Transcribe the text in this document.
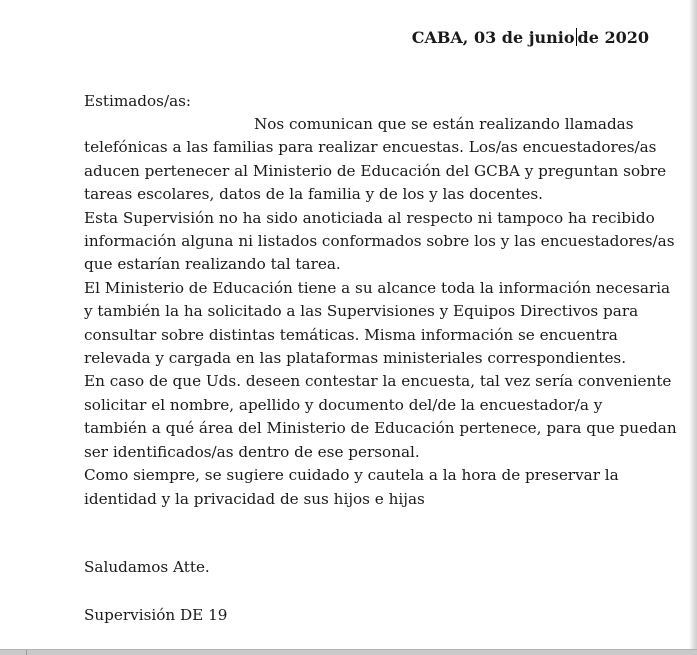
CABA, 03 de junio de 2020
Estimados/as:
Nos comunican que se están realizando llamadas
telefónicas a las familias para realizar encuestas. Los/as encuestadores/as
aducen pertenecer al Ministerio de Educación del GCBA y preguntan sobre
tareas escolares, datos de la familia y de los y las docentes.
Esta Supervisión no ha sido anoticiada al respecto ni tampoco ha recibido
información alguna ni listados conformados sobre los y las encuestadores/as
que estarían realizando tal tarea.
El Ministerio de Educación tiene a su alcance toda la información necesaria
y también la ha solicitado a las Supervisiones y Equipos Directivos para
consultar sobre distintas temáticas. Misma información se encuentra
relevada y cargada en las plataformas ministeriales correspondientes.
En caso de que Uds. deseen contestar la encuesta, tal vez sería conveniente
solicitar el nombre, apellido y documento del/de la encuestador/a y
también a qué área del Ministerio de Educación pertenece, para que puedan
ser identificados/as dentro de ese personal.
Como siempre, se sugiere cuidado y cautela a la hora de preservar la
identidad y la privacidad de sus hijos e hijas
Saludamos Atte.
Supervisión DE 19
